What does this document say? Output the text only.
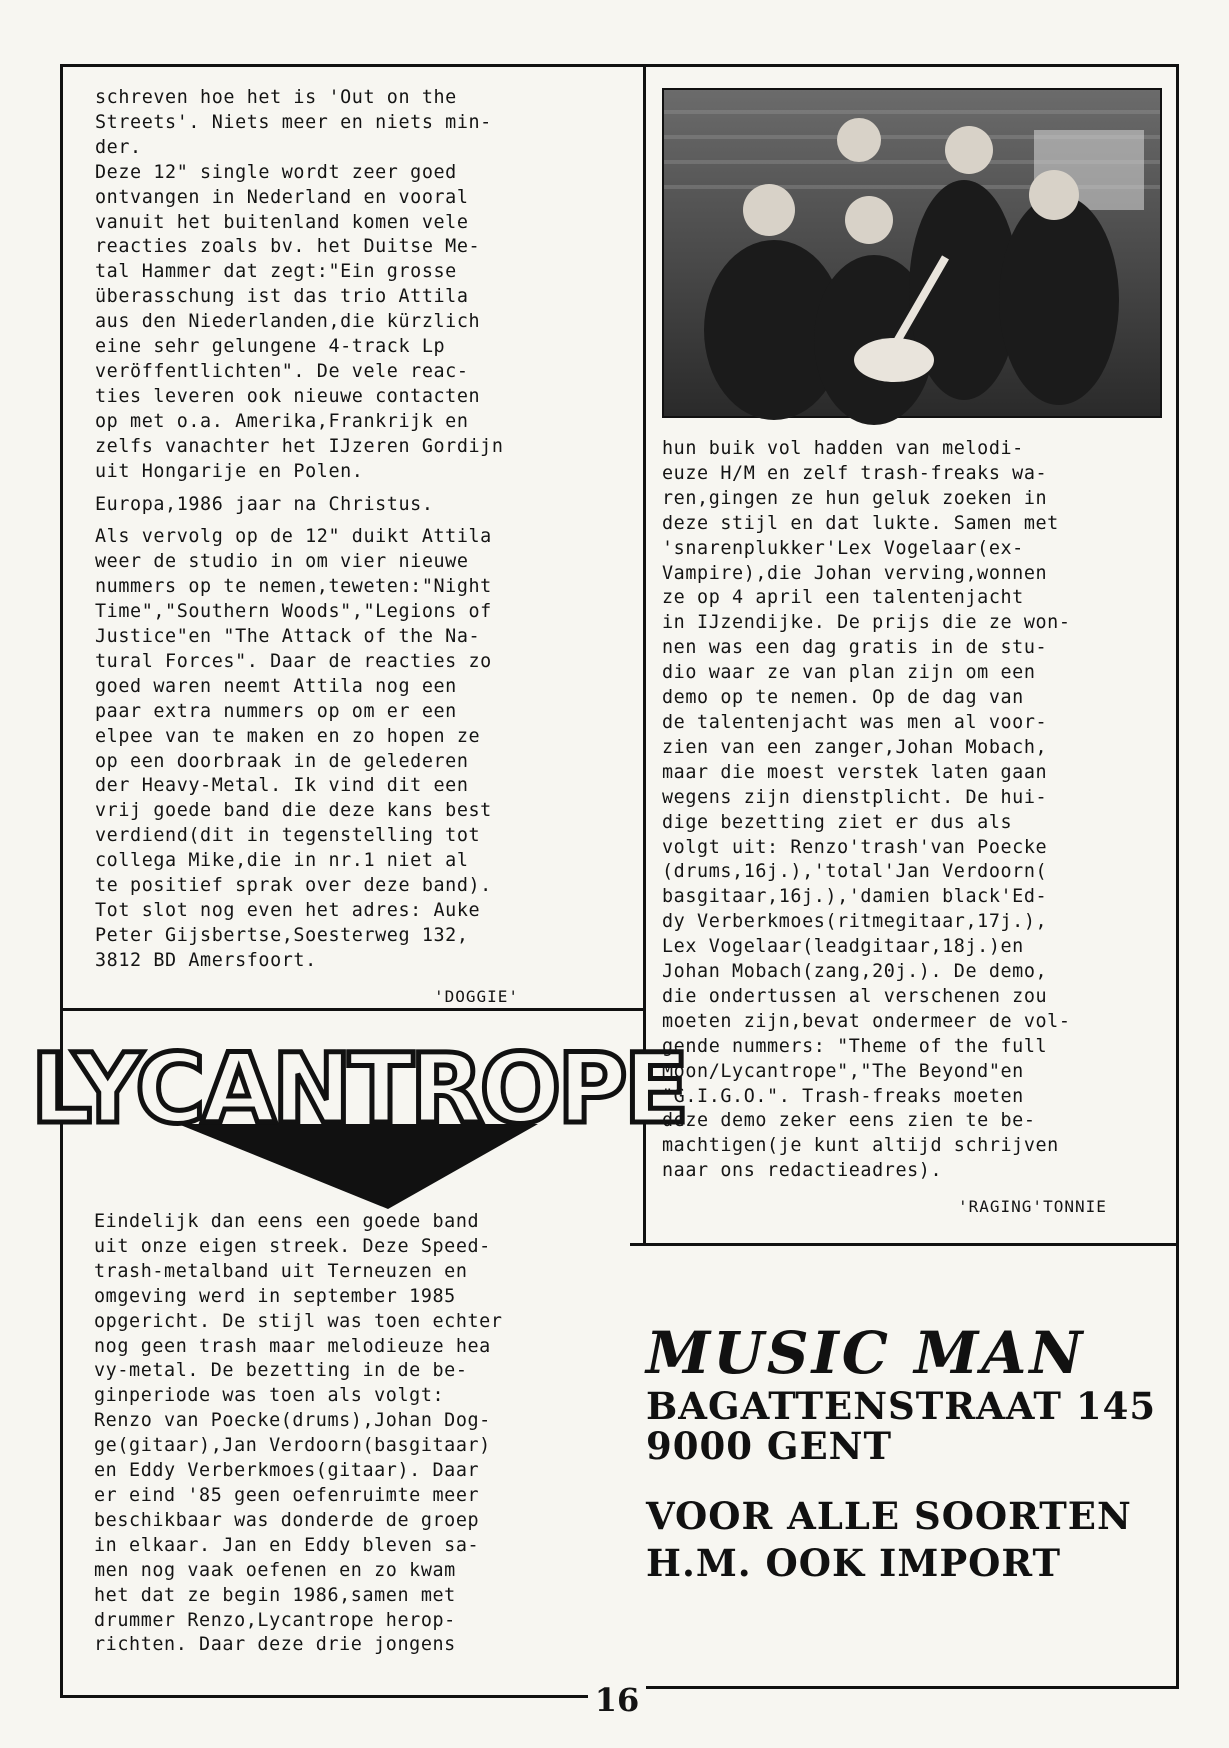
schreven hoe het is 'Out on the
Streets'. Niets meer en niets min-
der.
Deze 12" single wordt zeer goed
ontvangen in Nederland en vooral
vanuit het buitenland komen vele
reacties zoals bv. het Duitse Me-
tal Hammer dat zegt:"Ein grosse
überasschung ist das trio Attila
aus den Niederlanden,die kürzlich
eine sehr gelungene 4-track Lp
veröffentlichten". De vele reac-
ties leveren ook nieuwe contacten
op met o.a. Amerika,Frankrijk en
zelfs vanachter het IJzeren Gordijn
uit Hongarije en Polen.

Europa,1986 jaar na Christus.

Als vervolg op de 12" duikt Attila
weer de studio in om vier nieuwe
nummers op te nemen,teweten:"Night
Time","Southern Woods","Legions of
Justice"en "The Attack of the Na-
tural Forces". Daar de reacties zo
goed waren neemt Attila nog een
paar extra nummers op om er een
elpee van te maken en zo hopen ze
op een doorbraak in de gelederen
der Heavy-Metal. Ik vind dit een
vrij goede band die deze kans best
verdiend(dit in tegenstelling tot
collega Mike,die in nr.1 niet al
te positief sprak over deze band).
Tot slot nog even het adres: Auke
Peter Gijsbertse,Soesterweg 132,
3812 BD Amersfoort.

'DOGGIE'
LYCANTROPE

Eindelijk dan eens een goede band
uit onze eigen streek. Deze Speed-
trash-metalband uit Terneuzen en
omgeving werd in september 1985
opgericht. De stijl was toen echter
nog geen trash maar melodieuze hea
vy-metal. De bezetting in de be-
ginperiode was toen als volgt:
Renzo van Poecke(drums),Johan Dog-
ge(gitaar),Jan Verdoorn(basgitaar)
en Eddy Verberkmoes(gitaar). Daar
er eind '85 geen oefenruimte meer
beschikbaar was donderde de groep
in elkaar. Jan en Eddy bleven sa-
men nog vaak oefenen en zo kwam
het dat ze begin 1986,samen met
drummer Renzo,Lycantrope herop-
richten. Daar deze drie jongens

hun buik vol hadden van melodi-
euze H/M en zelf trash-freaks wa-
ren,gingen ze hun geluk zoeken in
deze stijl en dat lukte. Samen met
'snarenplukker'Lex Vogelaar(ex-
Vampire),die Johan verving,wonnen
ze op 4 april een talentenjacht
in IJzendijke. De prijs die ze won-
nen was een dag gratis in de stu-
dio waar ze van plan zijn om een
demo op te nemen. Op de dag van
de talentenjacht was men al voor-
zien van een zanger,Johan Mobach,
maar die moest verstek laten gaan
wegens zijn dienstplicht. De hui-
dige bezetting ziet er dus als
volgt uit: Renzo'trash'van Poecke
(drums,16j.),'total'Jan Verdoorn(
basgitaar,16j.),'damien black'Ed-
dy Verberkmoes(ritmegitaar,17j.),
Lex Vogelaar(leadgitaar,18j.)en
Johan Mobach(zang,20j.). De demo,
die ondertussen al verschenen zou
moeten zijn,bevat ondermeer de vol-
gende nummers: "Theme of the full
Moon/Lycantrope","The Beyond"en
"G.I.G.O.". Trash-freaks moeten
deze demo zeker eens zien te be-
machtigen(je kunt altijd schrijven
naar ons redactieadres).

'RAGING'TONNIE
MUSIC MAN
BAGATTENSTRAAT 145
9000 GENT
VOOR ALLE SOORTEN
H.M. OOK IMPORT
16
